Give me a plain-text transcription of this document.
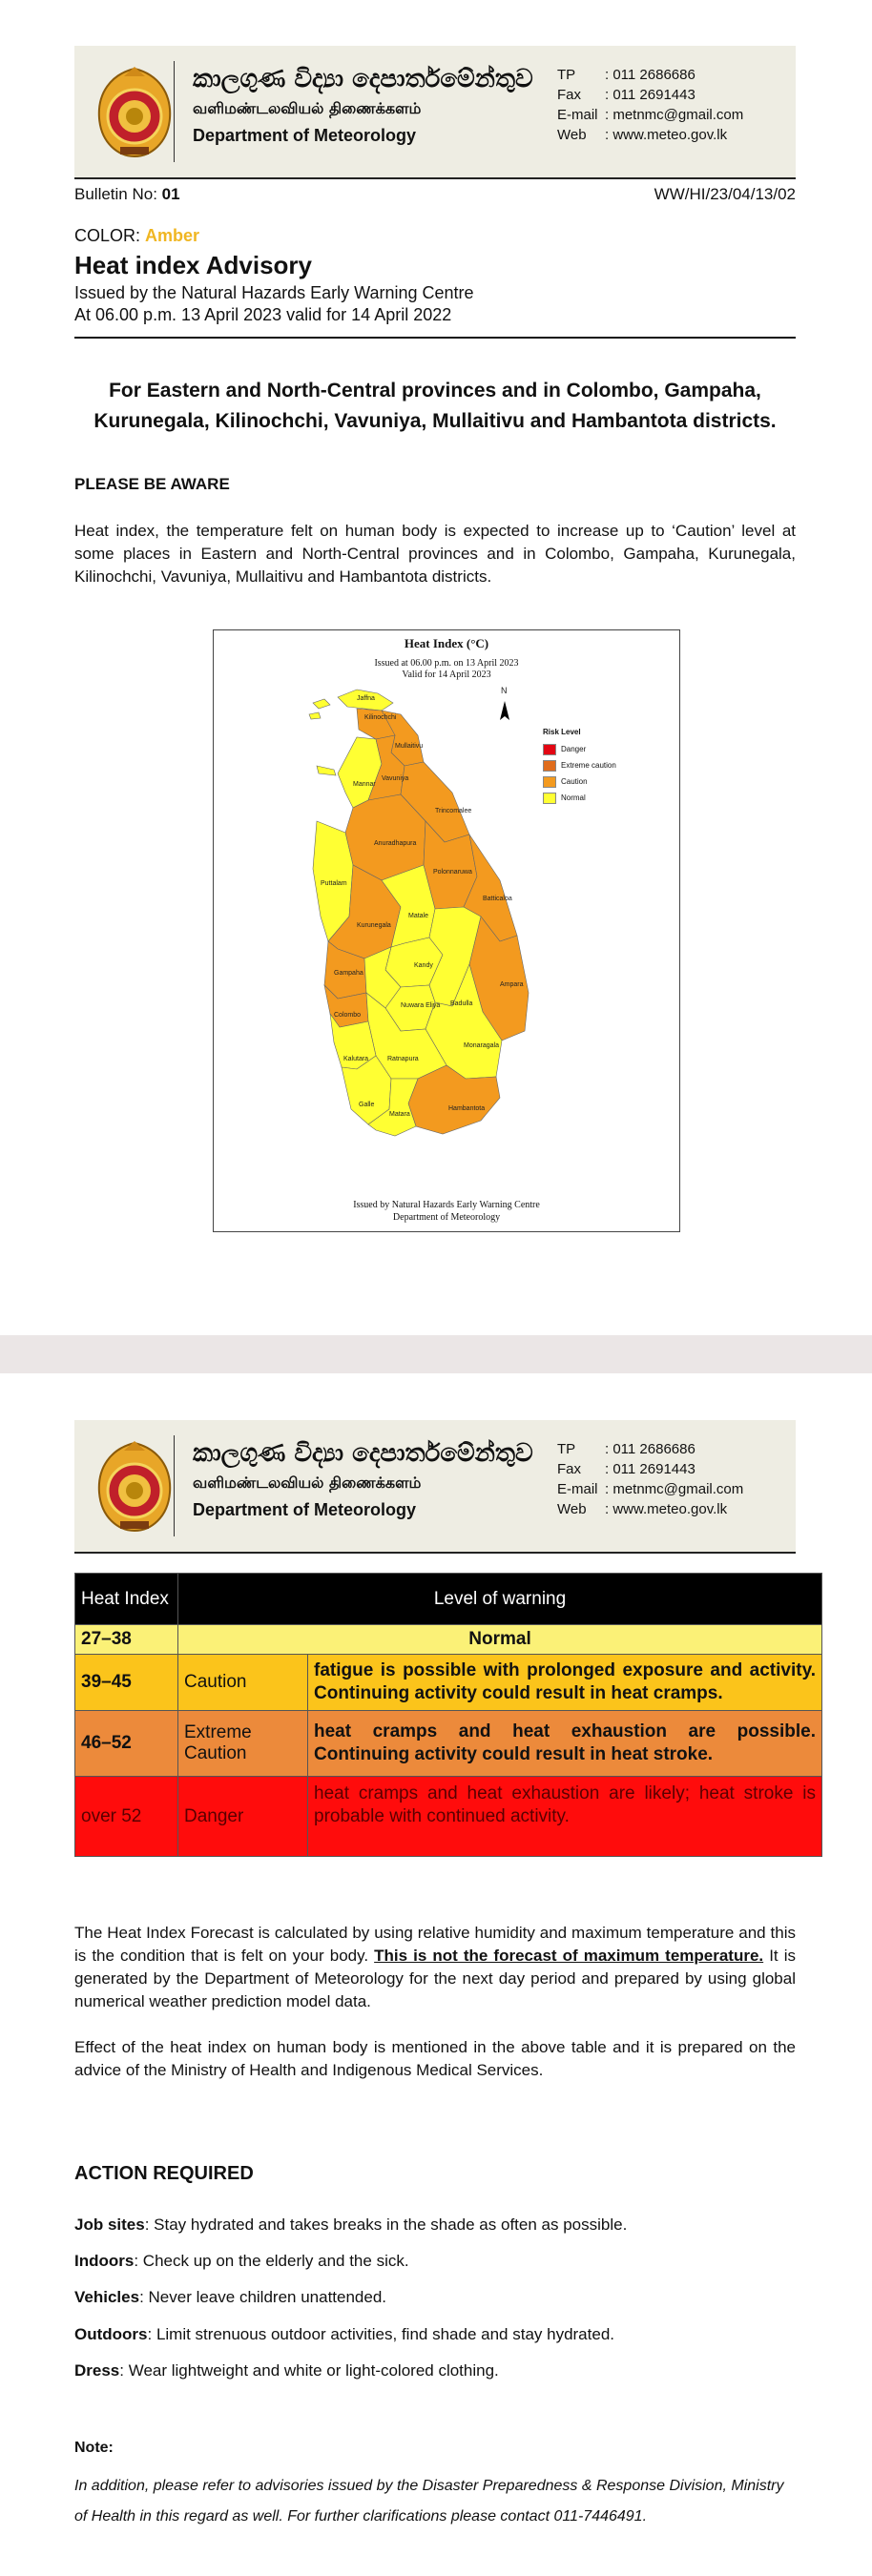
කාලගුණ විද්‍යා දෙපාර්තමේන්තුව
வளிமண்டலவியல் திணைக்களம்
Department of Meteorology
TP	: 011 2686686
Fax	: 011 2691443
E-mail : metnmc@gmail.com
Web	: www.meteo.gov.lk
Bulletin No: 01	WW/HI/23/04/13/02
COLOR: Amber
Heat index Advisory
Issued by the Natural Hazards Early Warning Centre
At 06.00 p.m. 13 April 2023 valid for 14 April 2022
For Eastern and North-Central provinces and in Colombo, Gampaha, Kurunegala, Kilinochchi, Vavuniya, Mullaitivu and Hambantota districts.
PLEASE BE AWARE
Heat index, the temperature felt on human body is expected to increase up to ‘Caution’ level at some places in Eastern and North-Central provinces and in Colombo, Gampaha, Kurunegala, Kilinochchi, Vavuniya, Mullaitivu and Hambantota districts.
Heat Index (°C)
Issued at 06.00 p.m. on 13 April 2023
Valid for 14 April 2023
N
Risk Level
Danger
Extreme caution
Caution
Normal
Jaffna
Kilinochchi
Mullaitivu
Mannar
Vavuniya
Trincomalee
Anuradhapura
Puttalam
Polonnaruwa
Batticaloa
Kurunegala
Matale
Ampara
Kandy
Gampaha
Nuwara Eliya Badulla
Colombo
Monaragala
Kalutara	Ratnapura
Hambantota
Galle
Matara
Issued by Natural Hazards Early Warning Centre
Department of Meteorology
කාලගුණ විද්‍යා දෙපාර්තමේන්තුව
வளிமண்டலவியல் திணைக்களம்
Department of Meteorology
TP	: 011 2686686
Fax	: 011 2691443
E-mail : metnmc@gmail.com
Web	: www.meteo.gov.lk
Heat Index	Level of warning	
27–38	Normal	
39–45	Caution	fatigue is possible with prolonged exposure and activity. Continuing activity could result in heat cramps.
46–52	Extreme Caution	heat cramps and heat exhaustion are possible. Continuing activity could result in heat stroke.
over 52	Danger	heat cramps and heat exhaustion are likely; heat stroke is probable with continued activity.
The Heat Index Forecast is calculated by using relative humidity and maximum temperature and this is the condition that is felt on your body. This is not the forecast of maximum temperature. It is generated by the Department of Meteorology for the next day period and prepared by using global numerical weather prediction model data.
Effect of the heat index on human body is mentioned in the above table and it is prepared on the advice of the Ministry of Health and Indigenous Medical Services.
ACTION REQUIRED
Job sites: Stay hydrated and takes breaks in the shade as often as possible.
Indoors: Check up on the elderly and the sick.
Vehicles: Never leave children unattended.
Outdoors: Limit strenuous outdoor activities, find shade and stay hydrated.
Dress: Wear lightweight and white or light-colored clothing.
Note:
In addition, please refer to advisories issued by the Disaster Preparedness & Response Division, Ministry of Health in this regard as well. For further clarifications please contact 011-7446491.
